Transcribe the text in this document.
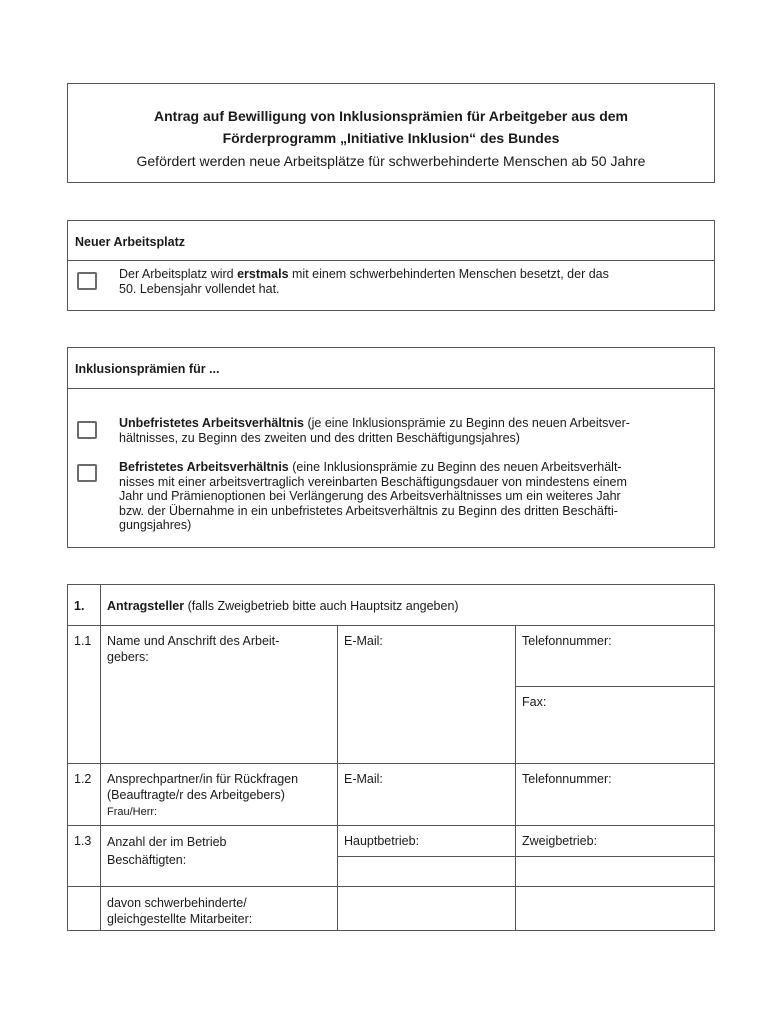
Antrag auf Bewilligung von Inklusionsprämien für Arbeitgeber aus dem
Förderprogramm „Initiative Inklusion“ des Bundes
Gefördert werden neue Arbeitsplätze für schwerbehinderte Menschen ab 50 Jahre
Neuer Arbeitsplatz
Der Arbeitsplatz wird erstmals mit einem schwerbehinderten Menschen besetzt, der das
50. Lebensjahr vollendet hat.
Inklusionsprämien für ...
Unbefristetes Arbeitsverhältnis (je eine Inklusionsprämie zu Beginn des neuen Arbeitsver-
hältnisses, zu Beginn des zweiten und des dritten Beschäftigungsjahres)
Befristetes Arbeitsverhältnis (eine Inklusionsprämie zu Beginn des neuen Arbeitsverhält-
nisses mit einer arbeitsvertraglich vereinbarten Beschäftigungsdauer von mindestens einem
Jahr und Prämienoptionen bei Verlängerung des Arbeitsverhältnisses um ein weiteres Jahr
bzw. der Übernahme in ein unbefristetes Arbeitsverhältnis zu Beginn des dritten Beschäfti-
gungsjahres)
1. Antragsteller (falls Zweigbetrieb bitte auch Hauptsitz angeben)
1.1 Name und Anschrift des Arbeit-
gebers:
E-Mail:	Telefonnummer:
Fax:
1.2 Ansprechpartner/in für Rückfragen
(Beauftragte/r des Arbeitgebers)
Frau/Herr:
E-Mail:	Telefonnummer:
1.3 Anzahl der im Betrieb
Beschäftigten:
Hauptbetrieb:	Zweigbetrieb:
davon schwerbehinderte/
gleichgestellte Mitarbeiter:
